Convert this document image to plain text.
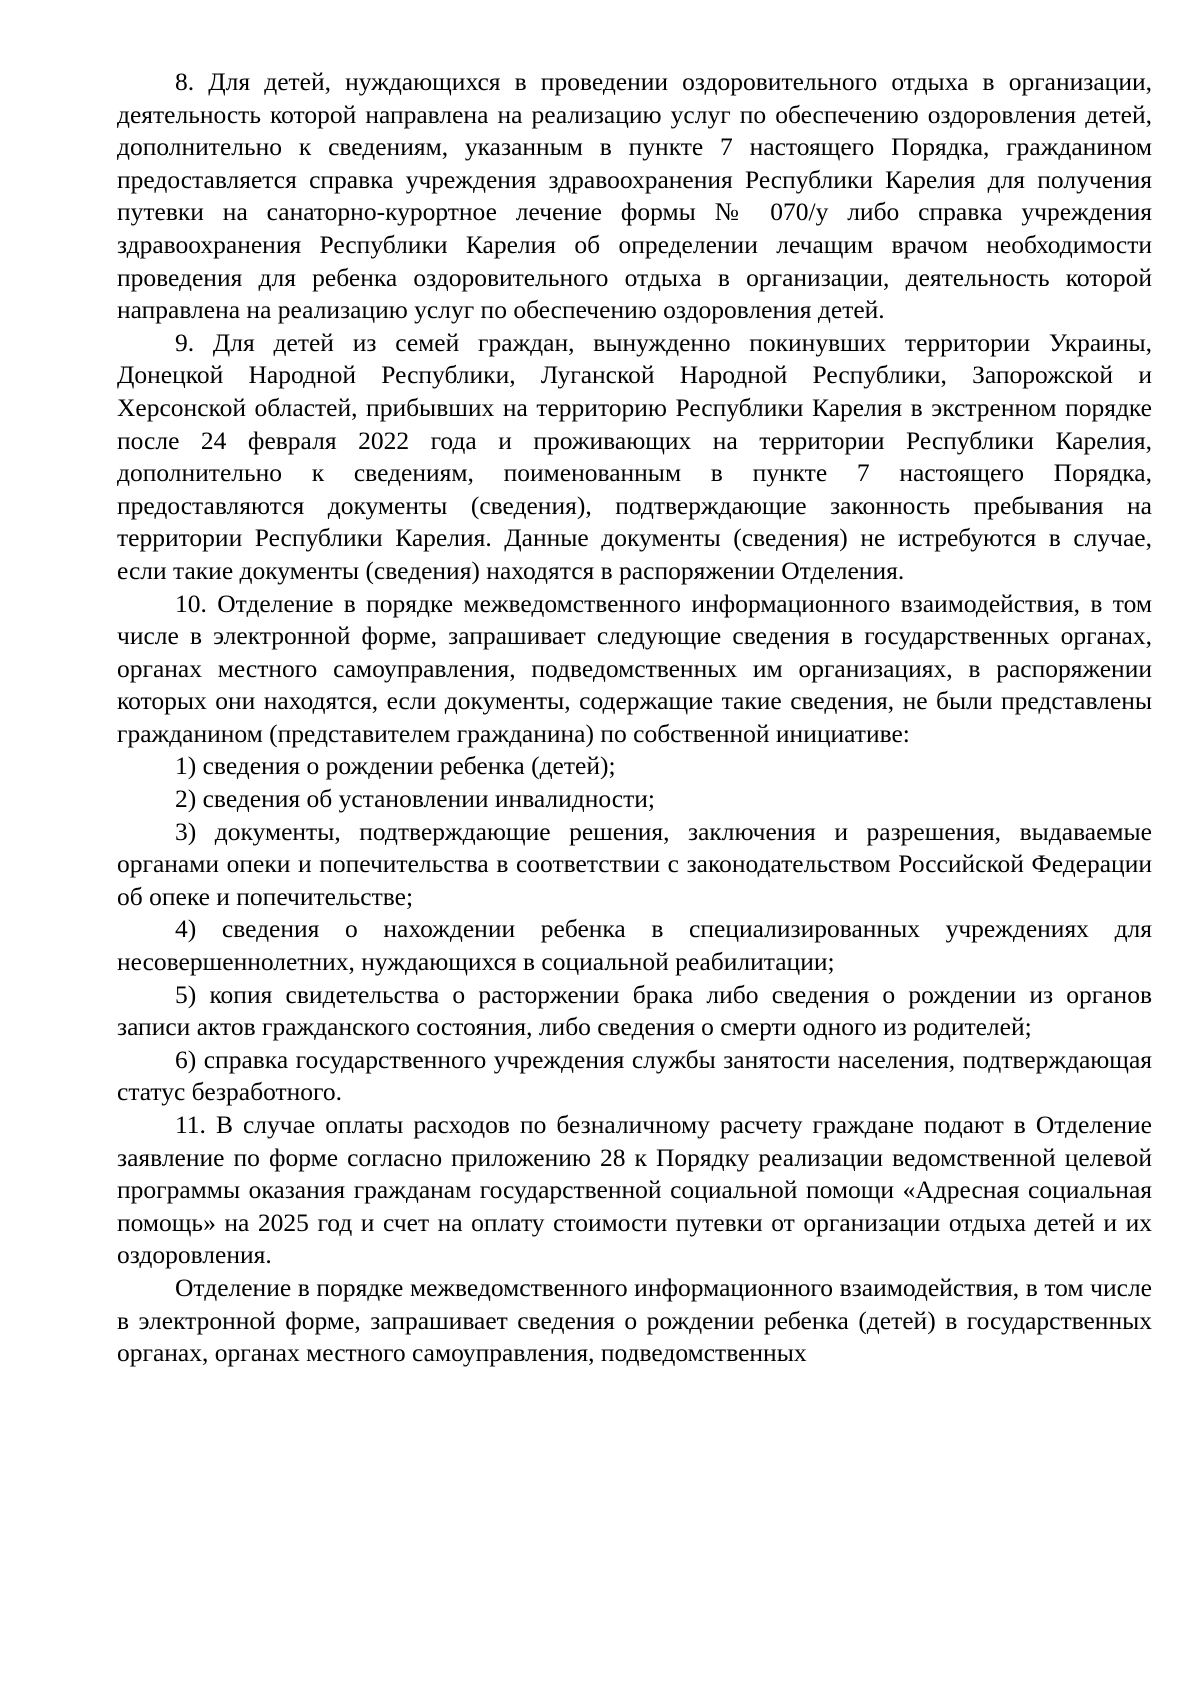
8. Для детей, нуждающихся в проведении оздоровительного отдыха в организации, деятельность которой направлена на реализацию услуг по обеспечению оздоровления детей, дополнительно к сведениям, указанным в пункте 7 настоящего Порядка, гражданином предоставляется справка учреждения здравоохранения Республики Карелия для получения путевки на санаторно-курортное лечение формы № 070/у либо справка учреждения здравоохранения Республики Карелия об определении лечащим врачом необходимости проведения для ребенка оздоровительного отдыха в организации, деятельность которой направлена на реализацию услуг по обеспечению оздоровления детей.

9. Для детей из семей граждан, вынужденно покинувших территории Украины, Донецкой Народной Республики, Луганской Народной Республики, Запорожской и Херсонской областей, прибывших на территорию Республики Карелия в экстренном порядке после 24 февраля 2022 года и проживающих на территории Республики Карелия, дополнительно к сведениям, поименованным в пункте 7 настоящего Порядка, предоставляются документы (сведения), подтверждающие законность пребывания на территории Республики Карелия. Данные документы (сведения) не истребуются в случае, если такие документы (сведения) находятся в распоряжении Отделения.

10. Отделение в порядке межведомственного информационного взаимодействия, в том числе в электронной форме, запрашивает следующие сведения в государственных органах, органах местного самоуправления, подведомственных им организациях, в распоряжении которых они находятся, если документы, содержащие такие сведения, не были представлены гражданином (представителем гражданина) по собственной инициативе:

1) сведения о рождении ребенка (детей);

2) сведения об установлении инвалидности;

3) документы, подтверждающие решения, заключения и разрешения, выдаваемые органами опеки и попечительства в соответствии с законодательством Российской Федерации об опеке и попечительстве;

4) сведения о нахождении ребенка в специализированных учреждениях для несовершеннолетних, нуждающихся в социальной реабилитации;

5) копия свидетельства о расторжении брака либо сведения о рождении из органов записи актов гражданского состояния, либо сведения о смерти одного из родителей;

6) справка государственного учреждения службы занятости населения, подтверждающая статус безработного.

11. В случае оплаты расходов по безналичному расчету граждане подают в Отделение заявление по форме согласно приложению 28 к Порядку реализации ведомственной целевой программы оказания гражданам государственной социальной помощи «Адресная социальная помощь» на 2025 год и счет на оплату стоимости путевки от организации отдыха детей и их оздоровления.

Отделение в порядке межведомственного информационного взаимодействия, в том числе в электронной форме, запрашивает сведения о рождении ребенка (детей) в государственных органах, органах местного самоуправления, подведомственных
